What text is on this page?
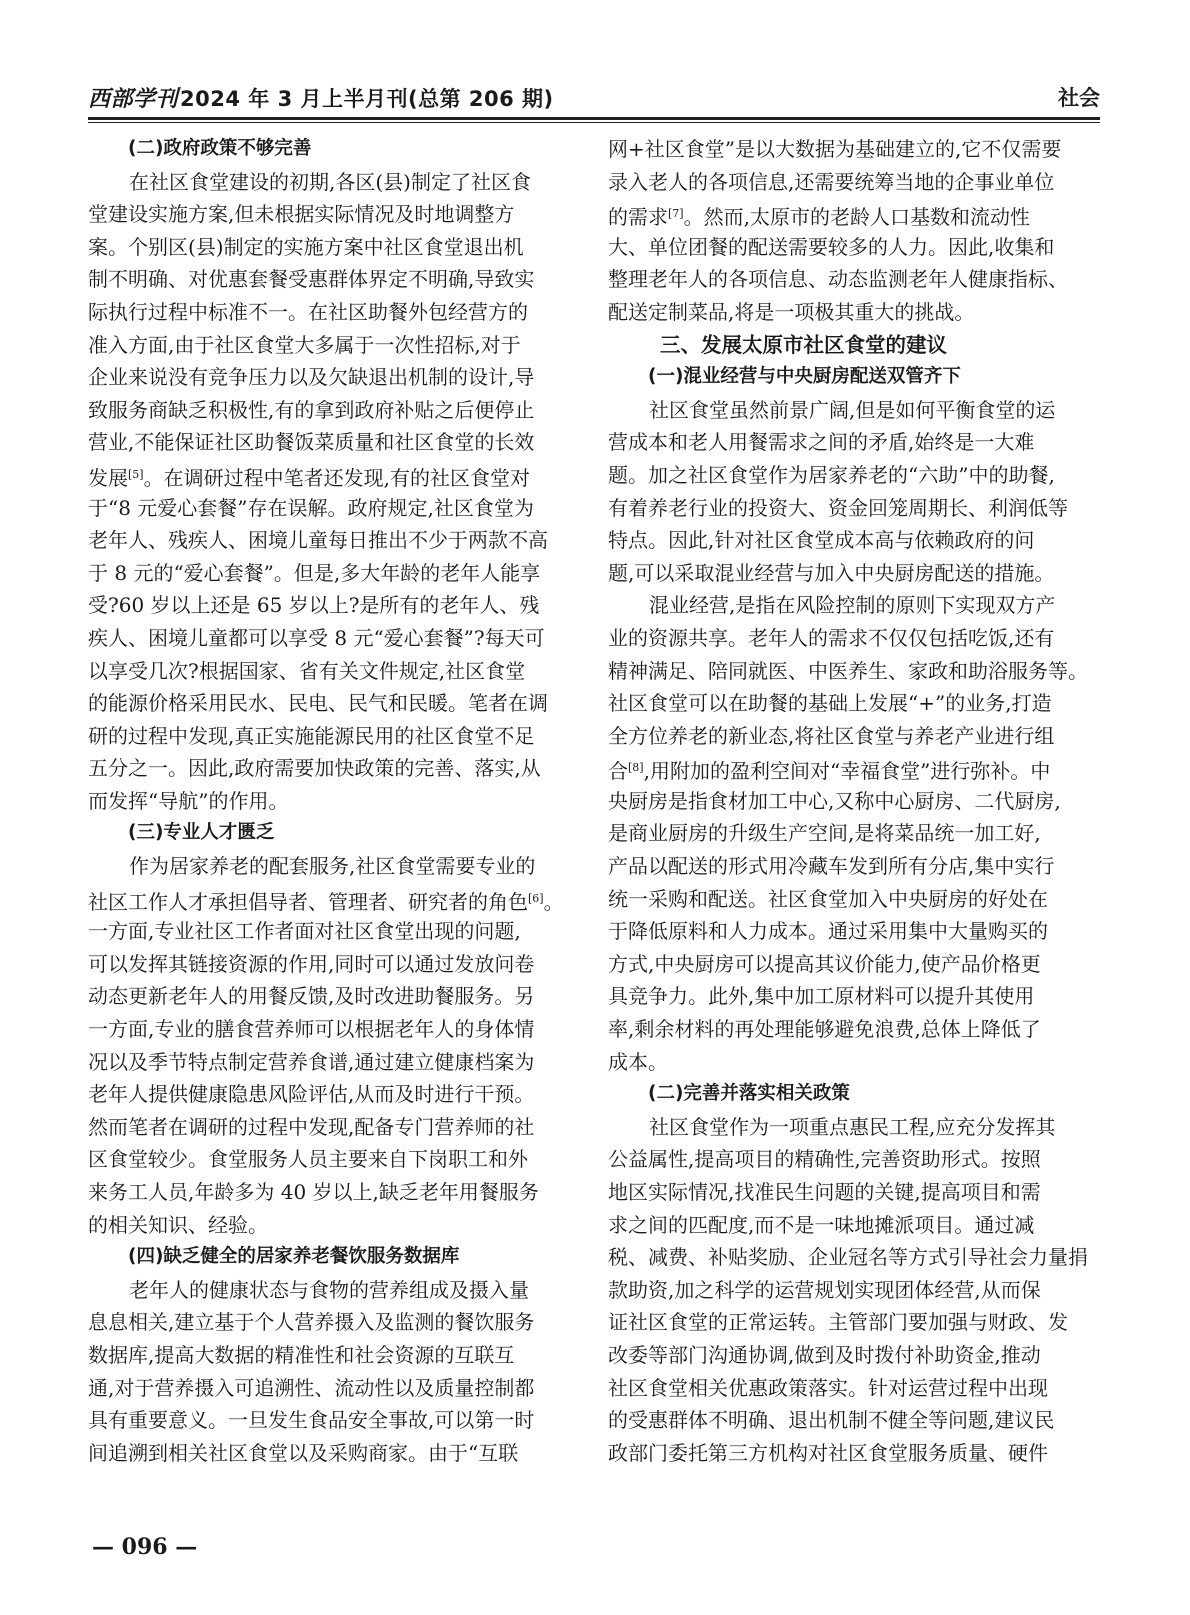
西部学刊2024 年 3 月上半月刊(总第 206 期)	社会
(二)政府政策不够完善
在社区食堂建设的初期,各区(县)制定了社区食
堂建设实施方案,但未根据实际情况及时地调整方
案。个别区(县)制定的实施方案中社区食堂退出机
制不明确、对优惠套餐受惠群体界定不明确,导致实
际执行过程中标准不一。在社区助餐外包经营方的
准入方面,由于社区食堂大多属于一次性招标,对于
企业来说没有竞争压力以及欠缺退出机制的设计,导
致服务商缺乏积极性,有的拿到政府补贴之后便停止
营业,不能保证社区助餐饭菜质量和社区食堂的长效
发展[5]。在调研过程中笔者还发现,有的社区食堂对
于“8 元爱心套餐”存在误解。政府规定,社区食堂为
老年人、残疾人、困境儿童每日推出不少于两款不高
于 8 元的“爱心套餐”。但是,多大年龄的老年人能享
受?60 岁以上还是 65 岁以上?是所有的老年人、残
疾人、困境儿童都可以享受 8 元“爱心套餐”?每天可
以享受几次?根据国家、省有关文件规定,社区食堂
的能源价格采用民水、民电、民气和民暖。笔者在调
研的过程中发现,真正实施能源民用的社区食堂不足
五分之一。因此,政府需要加快政策的完善、落实,从
而发挥“导航”的作用。
(三)专业人才匮乏
作为居家养老的配套服务,社区食堂需要专业的
社区工作人才承担倡导者、管理者、研究者的角色[6]。
一方面,专业社区工作者面对社区食堂出现的问题,
可以发挥其链接资源的作用,同时可以通过发放问卷
动态更新老年人的用餐反馈,及时改进助餐服务。另
一方面,专业的膳食营养师可以根据老年人的身体情
况以及季节特点制定营养食谱,通过建立健康档案为
老年人提供健康隐患风险评估,从而及时进行干预。
然而笔者在调研的过程中发现,配备专门营养师的社
区食堂较少。食堂服务人员主要来自下岗职工和外
来务工人员,年龄多为 40 岁以上,缺乏老年用餐服务
的相关知识、经验。
(四)缺乏健全的居家养老餐饮服务数据库
老年人的健康状态与食物的营养组成及摄入量
息息相关,建立基于个人营养摄入及监测的餐饮服务
数据库,提高大数据的精准性和社会资源的互联互
通,对于营养摄入可追溯性、流动性以及质量控制都
具有重要意义。一旦发生食品安全事故,可以第一时
间追溯到相关社区食堂以及采购商家。由于“互联
网+社区食堂”是以大数据为基础建立的,它不仅需要
录入老人的各项信息,还需要统筹当地的企事业单位
的需求[7]。然而,太原市的老龄人口基数和流动性
大、单位团餐的配送需要较多的人力。因此,收集和
整理老年人的各项信息、动态监测老年人健康指标、
配送定制菜品,将是一项极其重大的挑战。
三、发展太原市社区食堂的建议
(一)混业经营与中央厨房配送双管齐下
社区食堂虽然前景广阔,但是如何平衡食堂的运
营成本和老人用餐需求之间的矛盾,始终是一大难
题。加之社区食堂作为居家养老的“六助”中的助餐,
有着养老行业的投资大、资金回笼周期长、利润低等
特点。因此,针对社区食堂成本高与依赖政府的问
题,可以采取混业经营与加入中央厨房配送的措施。
混业经营,是指在风险控制的原则下实现双方产
业的资源共享。老年人的需求不仅仅包括吃饭,还有
精神满足、陪同就医、中医养生、家政和助浴服务等。
社区食堂可以在助餐的基础上发展“+”的业务,打造
全方位养老的新业态,将社区食堂与养老产业进行组
合[8],用附加的盈利空间对“幸福食堂”进行弥补。中
央厨房是指食材加工中心,又称中心厨房、二代厨房,
是商业厨房的升级生产空间,是将菜品统一加工好,
产品以配送的形式用冷藏车发到所有分店,集中实行
统一采购和配送。社区食堂加入中央厨房的好处在
于降低原料和人力成本。通过采用集中大量购买的
方式,中央厨房可以提高其议价能力,使产品价格更
具竞争力。此外,集中加工原材料可以提升其使用
率,剩余材料的再处理能够避免浪费,总体上降低了
成本。
(二)完善并落实相关政策
社区食堂作为一项重点惠民工程,应充分发挥其
公益属性,提高项目的精确性,完善资助形式。按照
地区实际情况,找准民生问题的关键,提高项目和需
求之间的匹配度,而不是一味地摊派项目。通过减
税、减费、补贴奖励、企业冠名等方式引导社会力量捐
款助资,加之科学的运营规划实现团体经营,从而保
证社区食堂的正常运转。主管部门要加强与财政、发
改委等部门沟通协调,做到及时拨付补助资金,推动
社区食堂相关优惠政策落实。针对运营过程中出现
的受惠群体不明确、退出机制不健全等问题,建议民
政部门委托第三方机构对社区食堂服务质量、硬件
— 096 —
